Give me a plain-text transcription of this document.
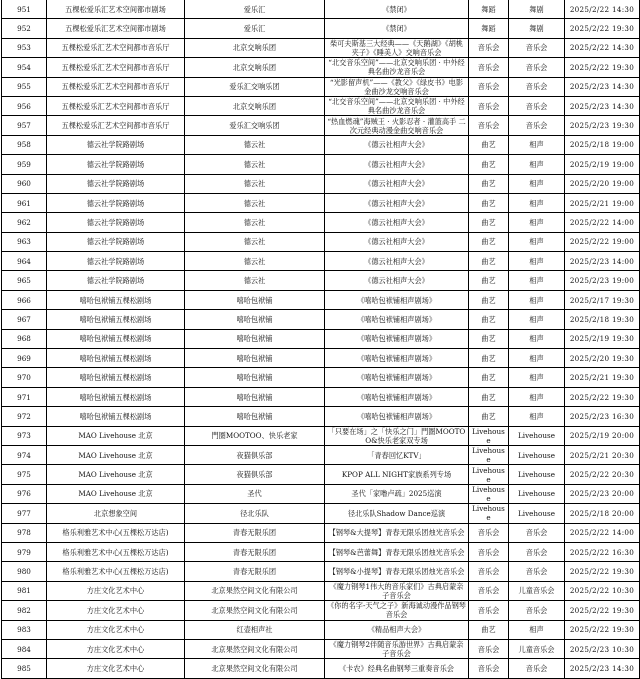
951	五棵松爱乐汇艺术空间都市剧场	爱乐汇	《禁闭》	舞蹈	舞剧	2025/2/22 14:30
952	五棵松爱乐汇艺术空间都市剧场	爱乐汇	《禁闭》	舞蹈	舞剧	2025/2/22 19:30
953	五棵松爱乐汇艺术空间都市音乐厅	北京交响乐团	柴可夫斯基三大经典——《天鹅湖》《胡桃夹子》《睡美人》交响音乐会	音乐会	音乐会	2025/2/22 14:30
954	五棵松爱乐汇艺术空间都市音乐厅	北京交响乐团	“北交音乐空间”——北京交响乐团 · 中外经典名曲沙龙音乐会	音乐会	音乐会	2025/2/22 19:30
955	五棵松爱乐汇艺术空间都市音乐厅	爱乐汇交响乐团	“光影留声机”——《教父》《绿皮书》电影金曲沙龙交响音乐会	音乐会	音乐会	2025/2/23 14:30
956	五棵松爱乐汇艺术空间都市音乐厅	北京交响乐团	“北交音乐空间”——北京交响乐团 · 中外经典名曲沙龙音乐会	音乐会	音乐会	2025/2/23 14:30
957	五棵松爱乐汇艺术空间都市音乐厅	爱乐汇交响乐团	“热血燃魂”海贼王 · 火影忍者 · 灌篮高手 二次元经典动漫金曲交响音乐会	音乐会	音乐会	2025/2/23 19:30
958	德云社学院路剧场	德云社	《德云社相声大会》	曲艺	相声	2025/2/18 19:00
959	德云社学院路剧场	德云社	《德云社相声大会》	曲艺	相声	2025/2/19 19:00
960	德云社学院路剧场	德云社	《德云社相声大会》	曲艺	相声	2025/2/20 19:00
961	德云社学院路剧场	德云社	《德云社相声大会》	曲艺	相声	2025/2/21 19:00
962	德云社学院路剧场	德云社	《德云社相声大会》	曲艺	相声	2025/2/22 14:00
963	德云社学院路剧场	德云社	《德云社相声大会》	曲艺	相声	2025/2/22 19:00
964	德云社学院路剧场	德云社	《德云社相声大会》	曲艺	相声	2025/2/23 14:00
965	德云社学院路剧场	德云社	《德云社相声大会》	曲艺	相声	2025/2/23 19:00
966	嘻哈包袱铺五棵松剧场	嘻哈包袱铺	《嘻哈包袱铺相声剧场》	曲艺	相声	2025/2/17 19:30
967	嘻哈包袱铺五棵松剧场	嘻哈包袱铺	《嘻哈包袱铺相声剧场》	曲艺	相声	2025/2/18 19:30
968	嘻哈包袱铺五棵松剧场	嘻哈包袱铺	《嘻哈包袱铺相声剧场》	曲艺	相声	2025/2/19 19:30
969	嘻哈包袱铺五棵松剧场	嘻哈包袱铺	《嘻哈包袱铺相声剧场》	曲艺	相声	2025/2/20 19:30
970	嘻哈包袱铺五棵松剧场	嘻哈包袱铺	《嘻哈包袱铺相声剧场》	曲艺	相声	2025/2/21 19:30
971	嘻哈包袱铺五棵松剧场	嘻哈包袱铺	《嘻哈包袱铺相声剧场》	曲艺	相声	2025/2/22 19:30
972	嘻哈包袱铺五棵松剧场	嘻哈包袱铺	《嘻哈包袱铺相声剧场》	曲艺	相声	2025/2/23 16:30
973	MAO Livehouse 北京	門圏MOOTOO、快乐老家	「只要在场」之「快乐之门」門圏MOOTOO&快乐老家双专场	Livehouse	Livehouse	2025/2/19 20:00
974	MAO Livehouse 北京	夜猫俱乐部	「青春回忆KTV」	Livehouse	Livehouse	2025/2/21 20:30
975	MAO Livehouse 北京	夜猫俱乐部	KPOP ALL NIGHT家族系列专场	Livehouse	Livehouse	2025/2/22 20:30
976	MAO Livehouse 北京	圣代	圣代「家噜卢疏」2025巡演	Livehouse	Livehouse	2025/2/23 20:00
977	北京想象空间	径北乐队	径北乐队Shadow Dance巡演	Livehouse	Livehouse	2025/2/18 20:00
978	格乐利雅艺术中心(五棵松万达店)	青春无限乐团	【钢琴&大提琴】青春无限乐团烛光音乐会	音乐会	音乐会	2025/2/22 14:00
979	格乐利雅艺术中心(五棵松万达店)	青春无限乐团	【钢琴&芭蕾舞】青春无限乐团烛光音乐会	音乐会	音乐会	2025/2/22 16:30
980	格乐利雅艺术中心(五棵松万达店)	青春无限乐团	【钢琴&小提琴】青春无限乐团烛光音乐会	音乐会	音乐会	2025/2/22 19:30
981	方庄文化艺术中心	北京果然空间文化有限公司	《魔力钢琴1伟大的音乐家们》古典启蒙亲子音乐会	音乐会	儿童音乐会	2025/2/22 10:30
982	方庄文化艺术中心	北京果然空间文化有限公司	《你的名字-天气之子》新海诚动漫作品钢琴音乐会	音乐会	音乐会	2025/2/22 19:30
983	方庄文化艺术中心	红壶相声社	《精品相声大会》	曲艺	相声	2025/2/22 19:30
984	方庄文化艺术中心	北京果然空间文化有限公司	《魔力钢琴2伴随音乐游世界》古典启蒙亲子音乐会	音乐会	儿童音乐会	2025/2/23 10:30
985	方庄文化艺术中心	北京果然空间文化有限公司	《卡农》经典名曲钢琴三重奏音乐会	音乐会	音乐会	2025/2/23 14:30
